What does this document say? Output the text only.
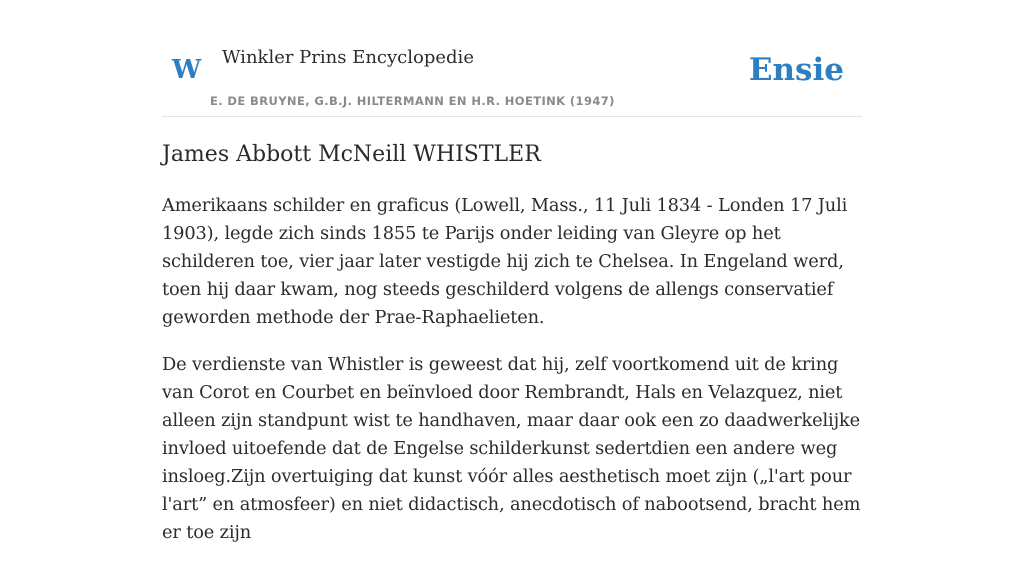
W Winkler Prins Encyclopedie
E. DE BRUYNE, G.B.J. HILTERMANN EN H.R. HOETINK (1947)
Ensie
James Abbott McNeill WHISTLER

Amerikaans schilder en graficus (Lowell, Mass., 11 Juli 1834 - Londen 17 Juli 1903), legde zich sinds 1855 te Parijs onder leiding van Gleyre op het schilderen toe, vier jaar later vestigde hij zich te Chelsea. In Engeland werd, toen hij daar kwam, nog steeds geschilderd volgens de allengs conservatief geworden methode der Prae-Raphaelieten.

De verdienste van Whistler is geweest dat hij, zelf voortkomend uit de kring van Corot en Courbet en beïnvloed door Rembrandt, Hals en Velazquez, niet alleen zijn standpunt wist te handhaven, maar daar ook een zo daadwerkelijke invloed uitoefende dat de Engelse schilderkunst sedertdien een andere weg insloeg.Zijn overtuiging dat kunst vóór alles aesthetisch moet zijn („l'art pour l'art” en atmosfeer) en niet didactisch, anecdotisch of nabootsend, bracht hem er toe zijn
